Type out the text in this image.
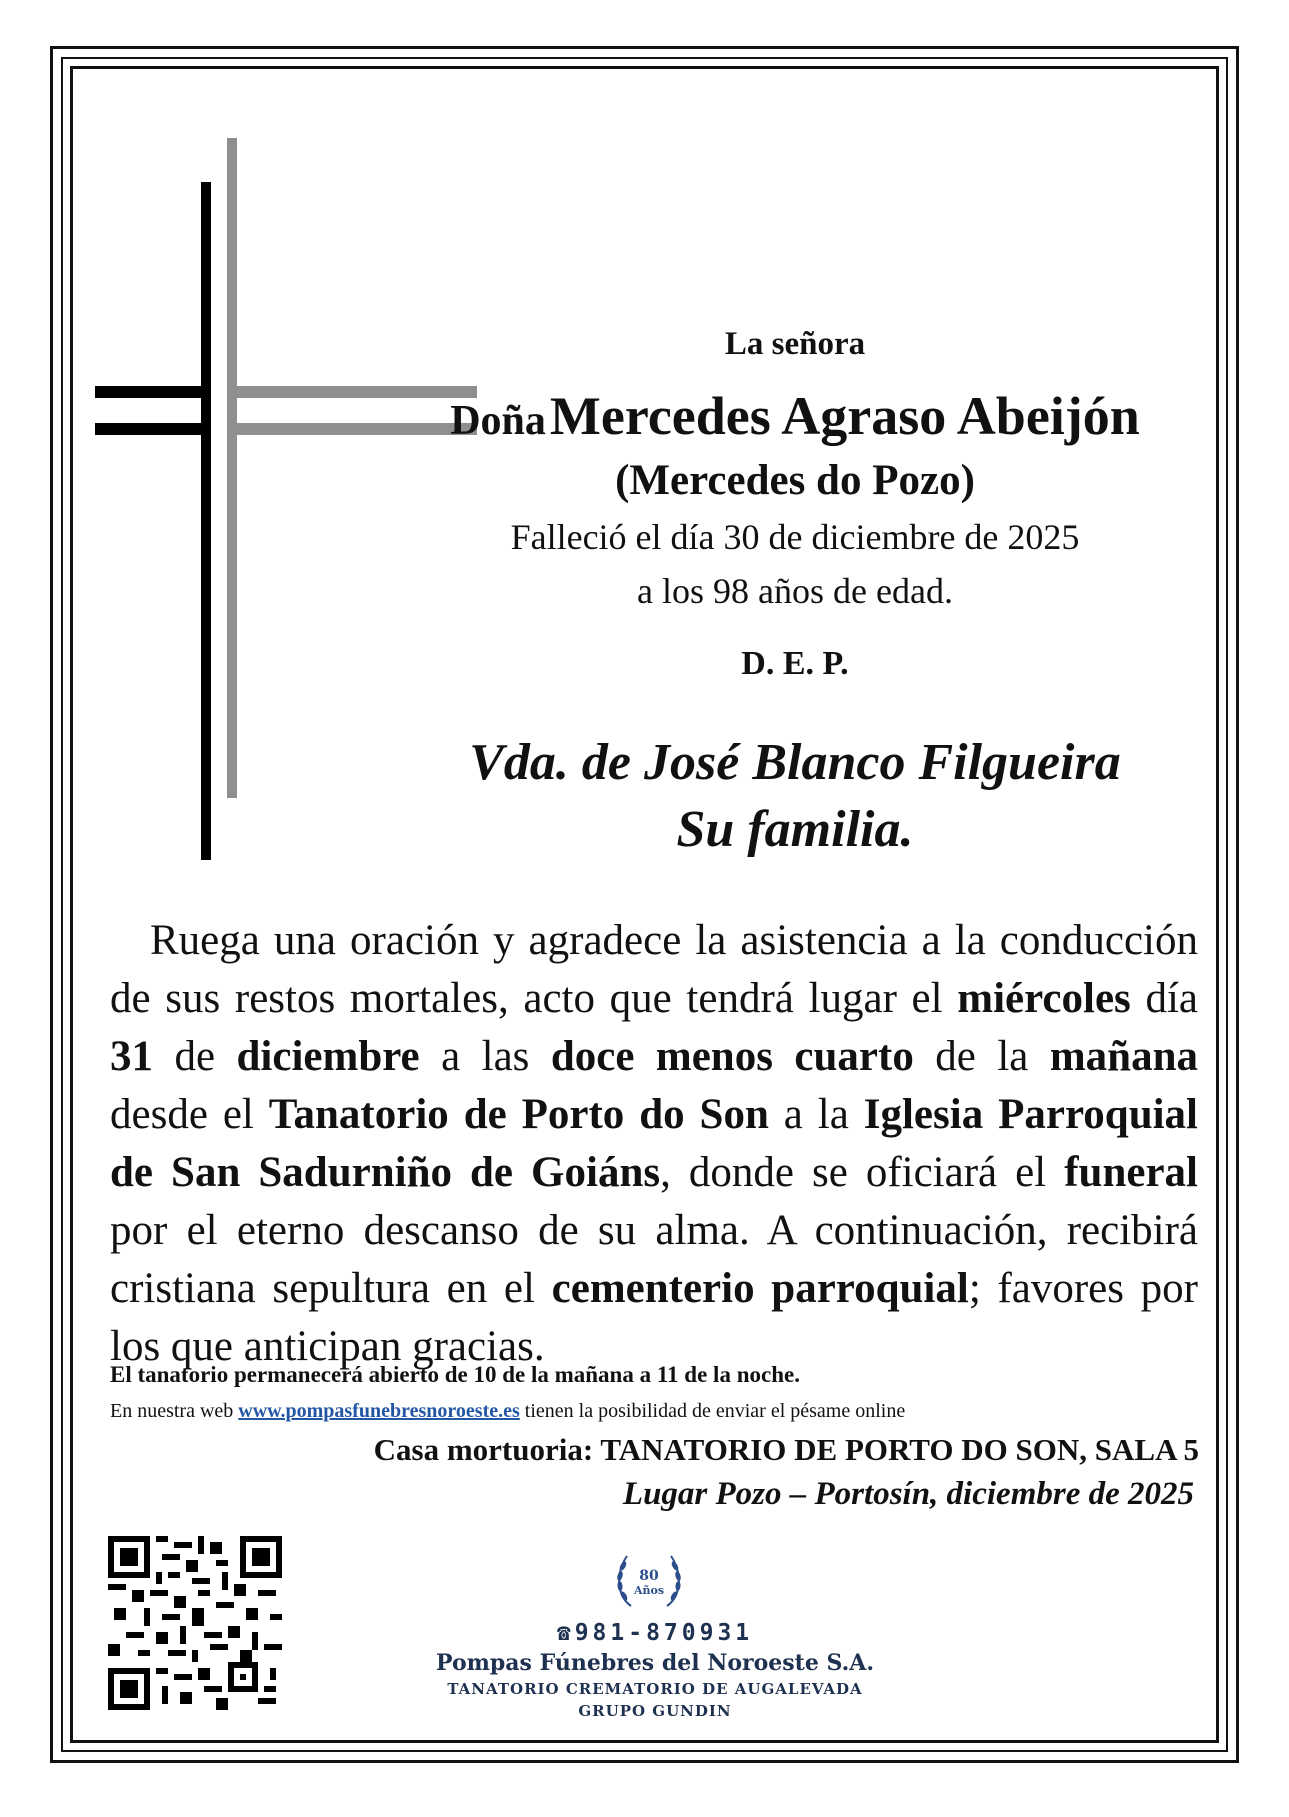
La señora
Doña Mercedes Agraso Abeijón
(Mercedes do Pozo)
Falleció el día 30 de diciembre de 2025
a los 98 años de edad.
D. E. P.
Vda. de José Blanco Filgueira
Su familia.
Ruega una oración y agradece la asistencia a la conducción de sus restos mortales, acto que tendrá lugar el miércoles día 31 de diciembre a las doce menos cuarto de la mañana desde el Tanatorio de Porto do Son a la Iglesia Parroquial de San Sadurniño de Goiáns, donde se oficiará el funeral por el eterno descanso de su alma. A continuación, recibirá cristiana sepultura en el cementerio parroquial; favores por los que anticipan gracias.
El tanatorio permanecerá abierto de 10 de la mañana a 11 de la noche.
En nuestra web www.pompasfunebresnoroeste.es tienen la posibilidad de enviar el pésame online
Casa mortuoria: TANATORIO DE PORTO DO SON, SALA 5
Lugar Pozo – Portosín, diciembre de 2025
80
Años
☎981-870931
Pompas Fúnebres del Noroeste S.A.
TANATORIO CREMATORIO DE AUGALEVADA
GRUPO GUNDIN
